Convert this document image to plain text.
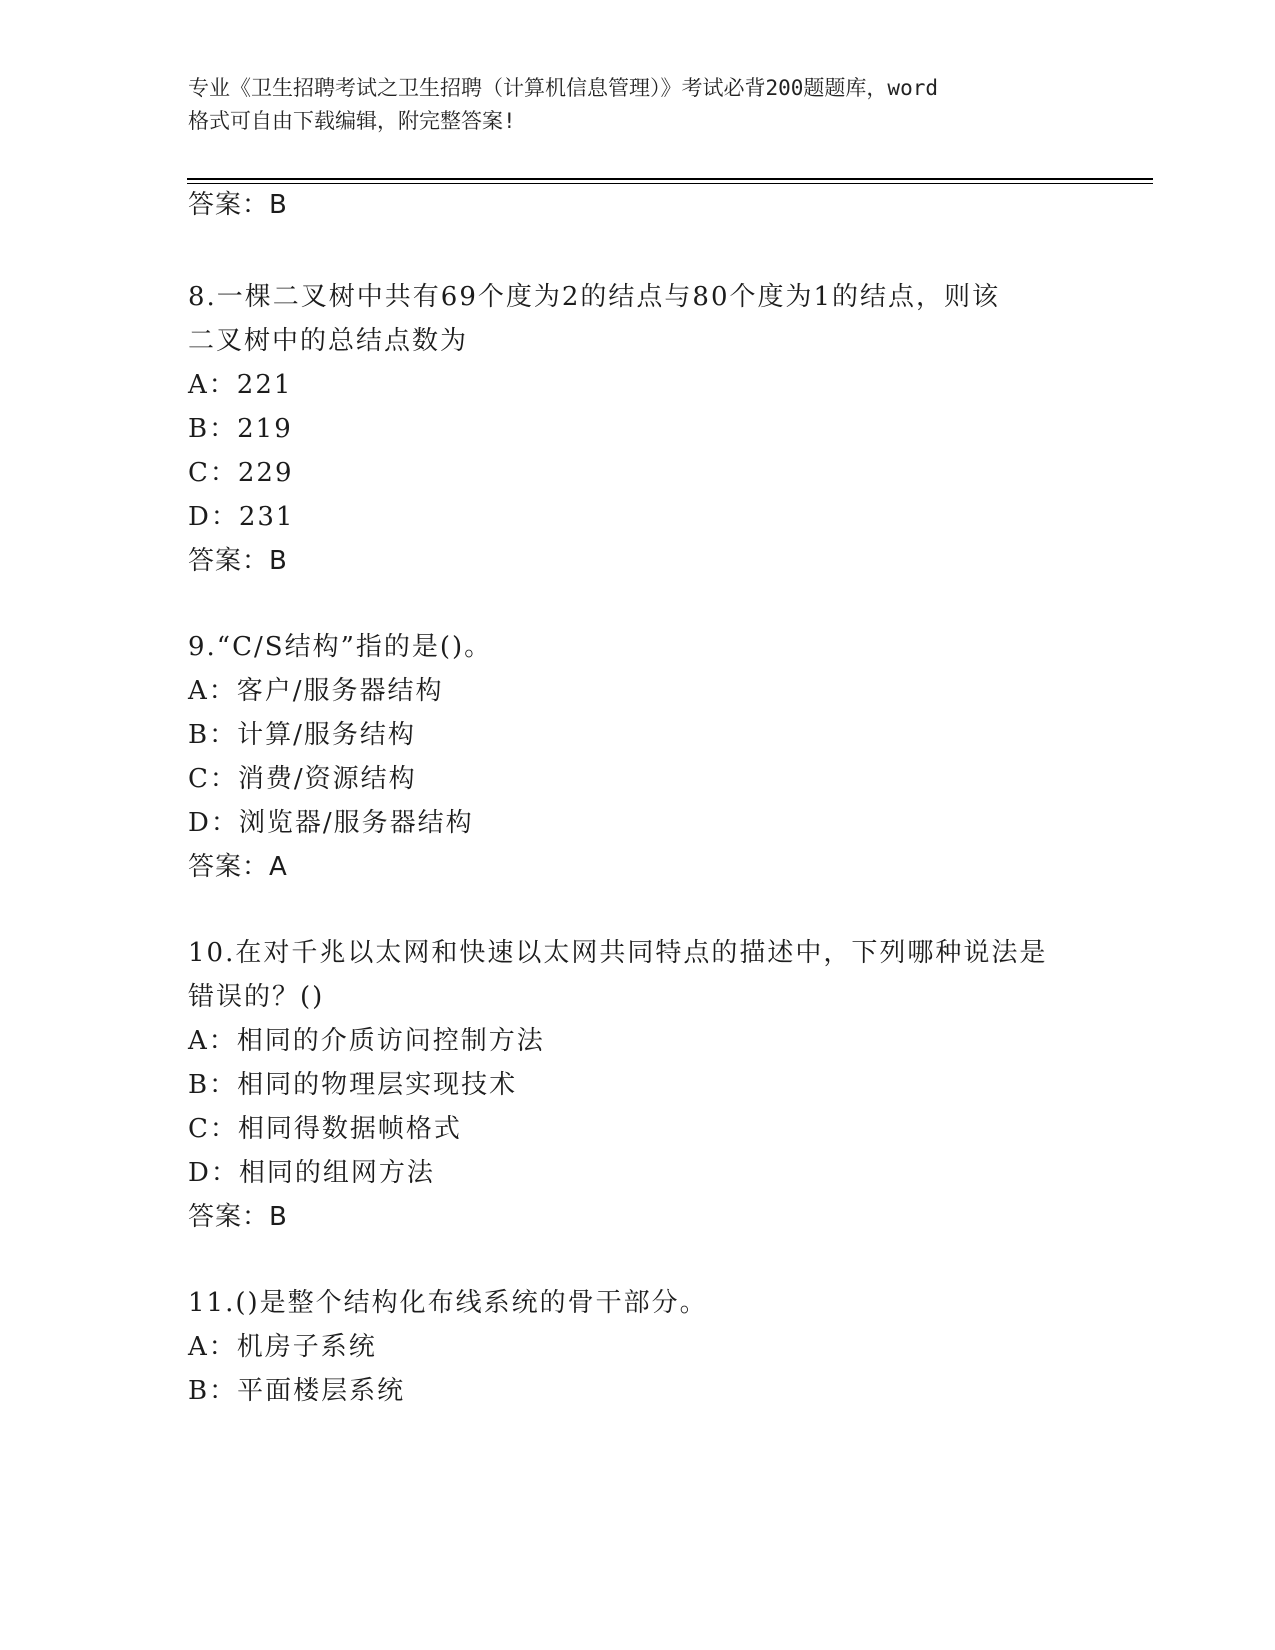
专业《卫生招聘考试之卫生招聘（计算机信息管理）》考试必背200题题库，word
格式可自由下载编辑，附完整答案!
答案：B
8.一棵二叉树中共有69个度为2的结点与80个度为1的结点，则该
二叉树中的总结点数为
A：221
B：219
C：229
D：231
答案：B
9.“C/S结构”指的是()。
A：客户/服务器结构
B：计算/服务结构
C：消费/资源结构
D：浏览器/服务器结构
答案：A
10.在对千兆以太网和快速以太网共同特点的描述中，下列哪种说法是
错误的？()
A：相同的介质访问控制方法
B：相同的物理层实现技术
C：相同得数据帧格式
D：相同的组网方法
答案：B
11.()是整个结构化布线系统的骨干部分。
A：机房子系统
B：平面楼层系统
